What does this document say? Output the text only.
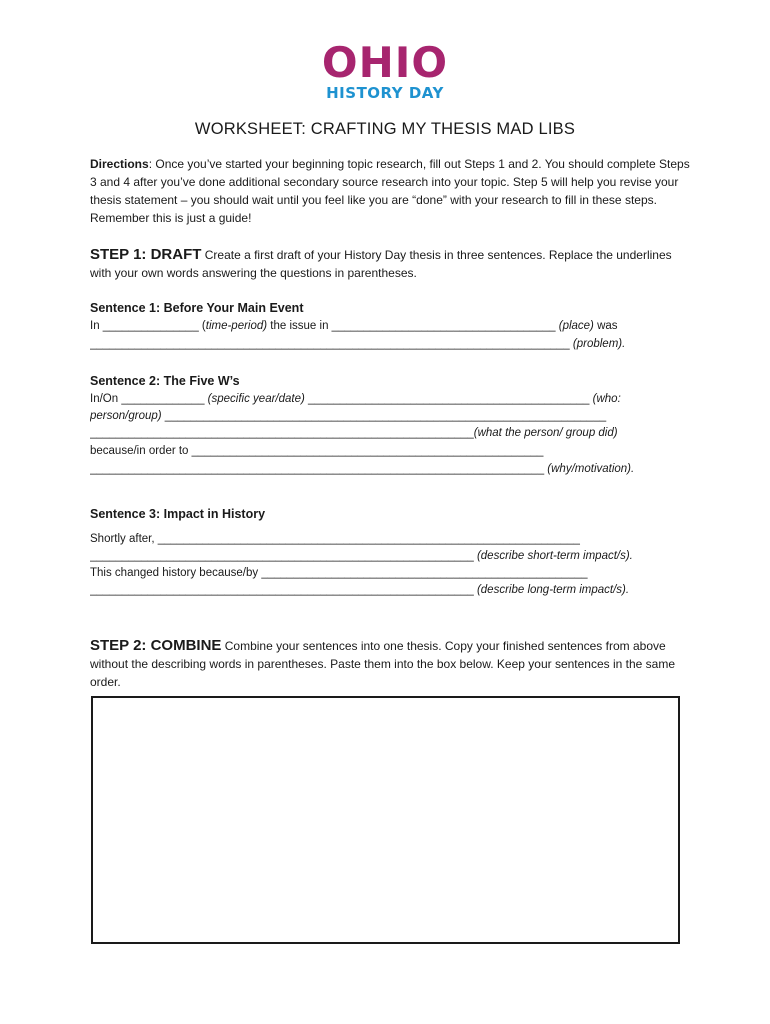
OHIO
HISTORY DAY
WORKSHEET: CRAFTING MY THESIS MAD LIBS
Directions: Once you’ve started your beginning topic research, fill out Steps 1 and 2. You should complete Steps 3 and 4 after you’ve done additional secondary source research into your topic. Step 5 will help you revise your thesis statement – you should wait until you feel like you are “done” with your research to fill in these steps. Remember this is just a guide!
STEP 1: DRAFT Create a first draft of your History Day thesis in three sentences. Replace the underlines with your own words answering the questions in parentheses.
Sentence 1: Before Your Main Event
In _______________ (time-period) the issue in ___________________________________ (place) was
___________________________________________________________________________ (problem).
Sentence 2: The Five W’s
In/On _____________ (specific year/date) ____________________________________________ (who:
person/group) _____________________________________________________________________
____________________________________________________________(what the person/ group did)
because/in order to _______________________________________________________
_______________________________________________________________________ (why/motivation).
Sentence 3: Impact in History
Shortly after, __________________________________________________________________
____________________________________________________________ (describe short-term impact/s).
This changed history because/by ___________________________________________________
____________________________________________________________ (describe long-term impact/s).
STEP 2: COMBINE Combine your sentences into one thesis. Copy your finished sentences from above without the describing words in parentheses. Paste them into the box below. Keep your sentences in the same order.
